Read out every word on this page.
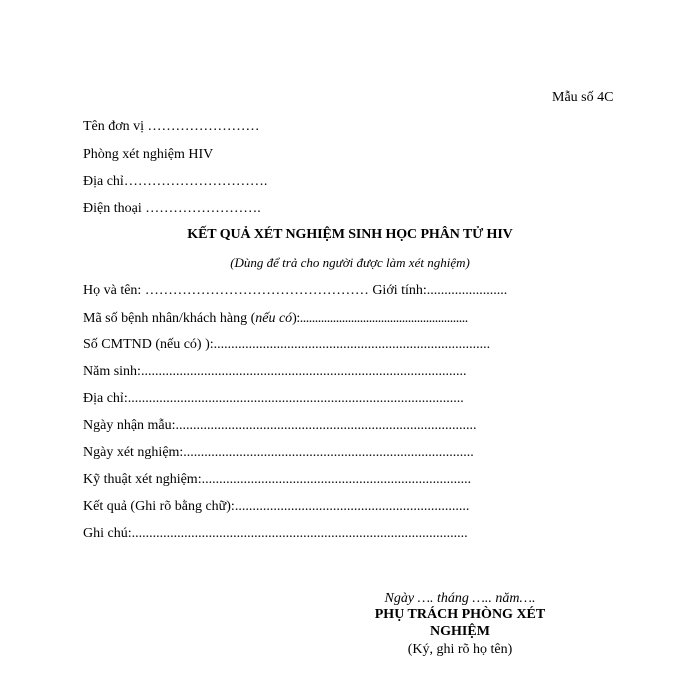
Mẫu số 4C
Tên đơn vị ……………………
Phòng xét nghiệm HIV
Địa chỉ………………………….
Điện thoại …………………….
KẾT QUẢ XÉT NGHIỆM SINH HỌC PHÂN TỬ HIV
(Dùng để trả cho người được làm xét nghiệm)
Họ và tên: ………………………………………… Giới tính:.......................
Mã số bệnh nhân/khách hàng (nếu có):........................................................
Số CMTND (nếu có) ):...............................................................................
Năm sinh:.............................................................................................
Địa chỉ:................................................................................................
Ngày nhận mẫu:......................................................................................
Ngày xét nghiệm:...................................................................................
Kỹ thuật xét nghiệm:.............................................................................
Kết quả (Ghi rõ bằng chữ):...................................................................
Ghi chú:................................................................................................
Ngày …. tháng ….. năm….
PHỤ TRÁCH PHÒNG XÉT
NGHIỆM
(Ký, ghi rõ họ tên)
